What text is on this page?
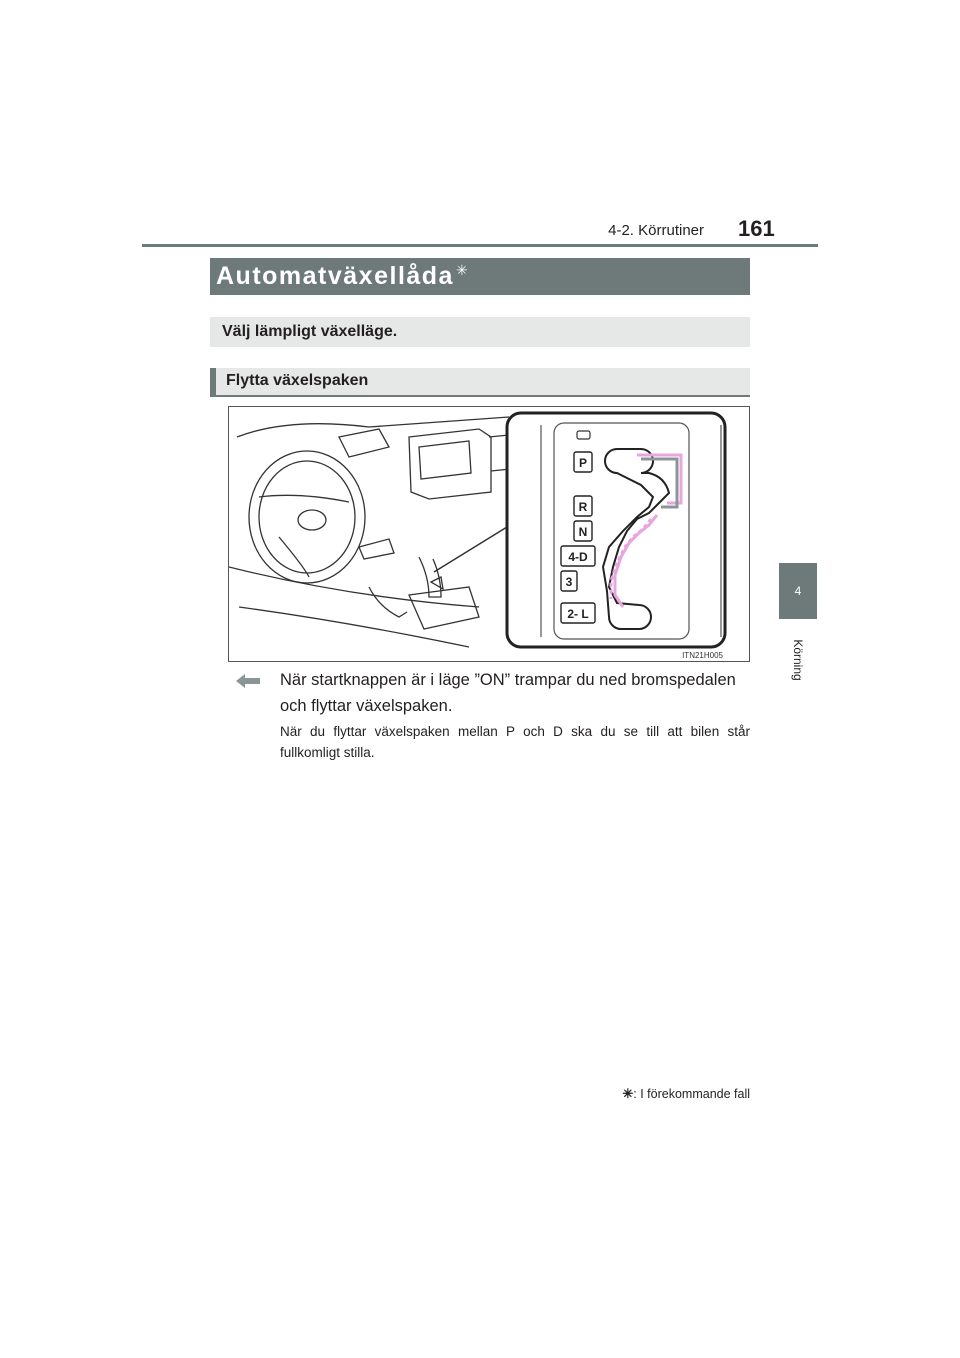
4-2. Körrutiner 161
4
Körning
Automatväxellåda ✳
Välj lämpligt växelläge.
Flytta växelspaken
P
R
N
4-D
3
2- L
ITN21H005
När startknappen är i läge ”ON” trampar du ned bromspedalen och flyttar växelspaken.
När du flyttar växelspaken mellan P och D ska du se till att bilen står fullkomligt stilla.
✳: I förekommande fall
